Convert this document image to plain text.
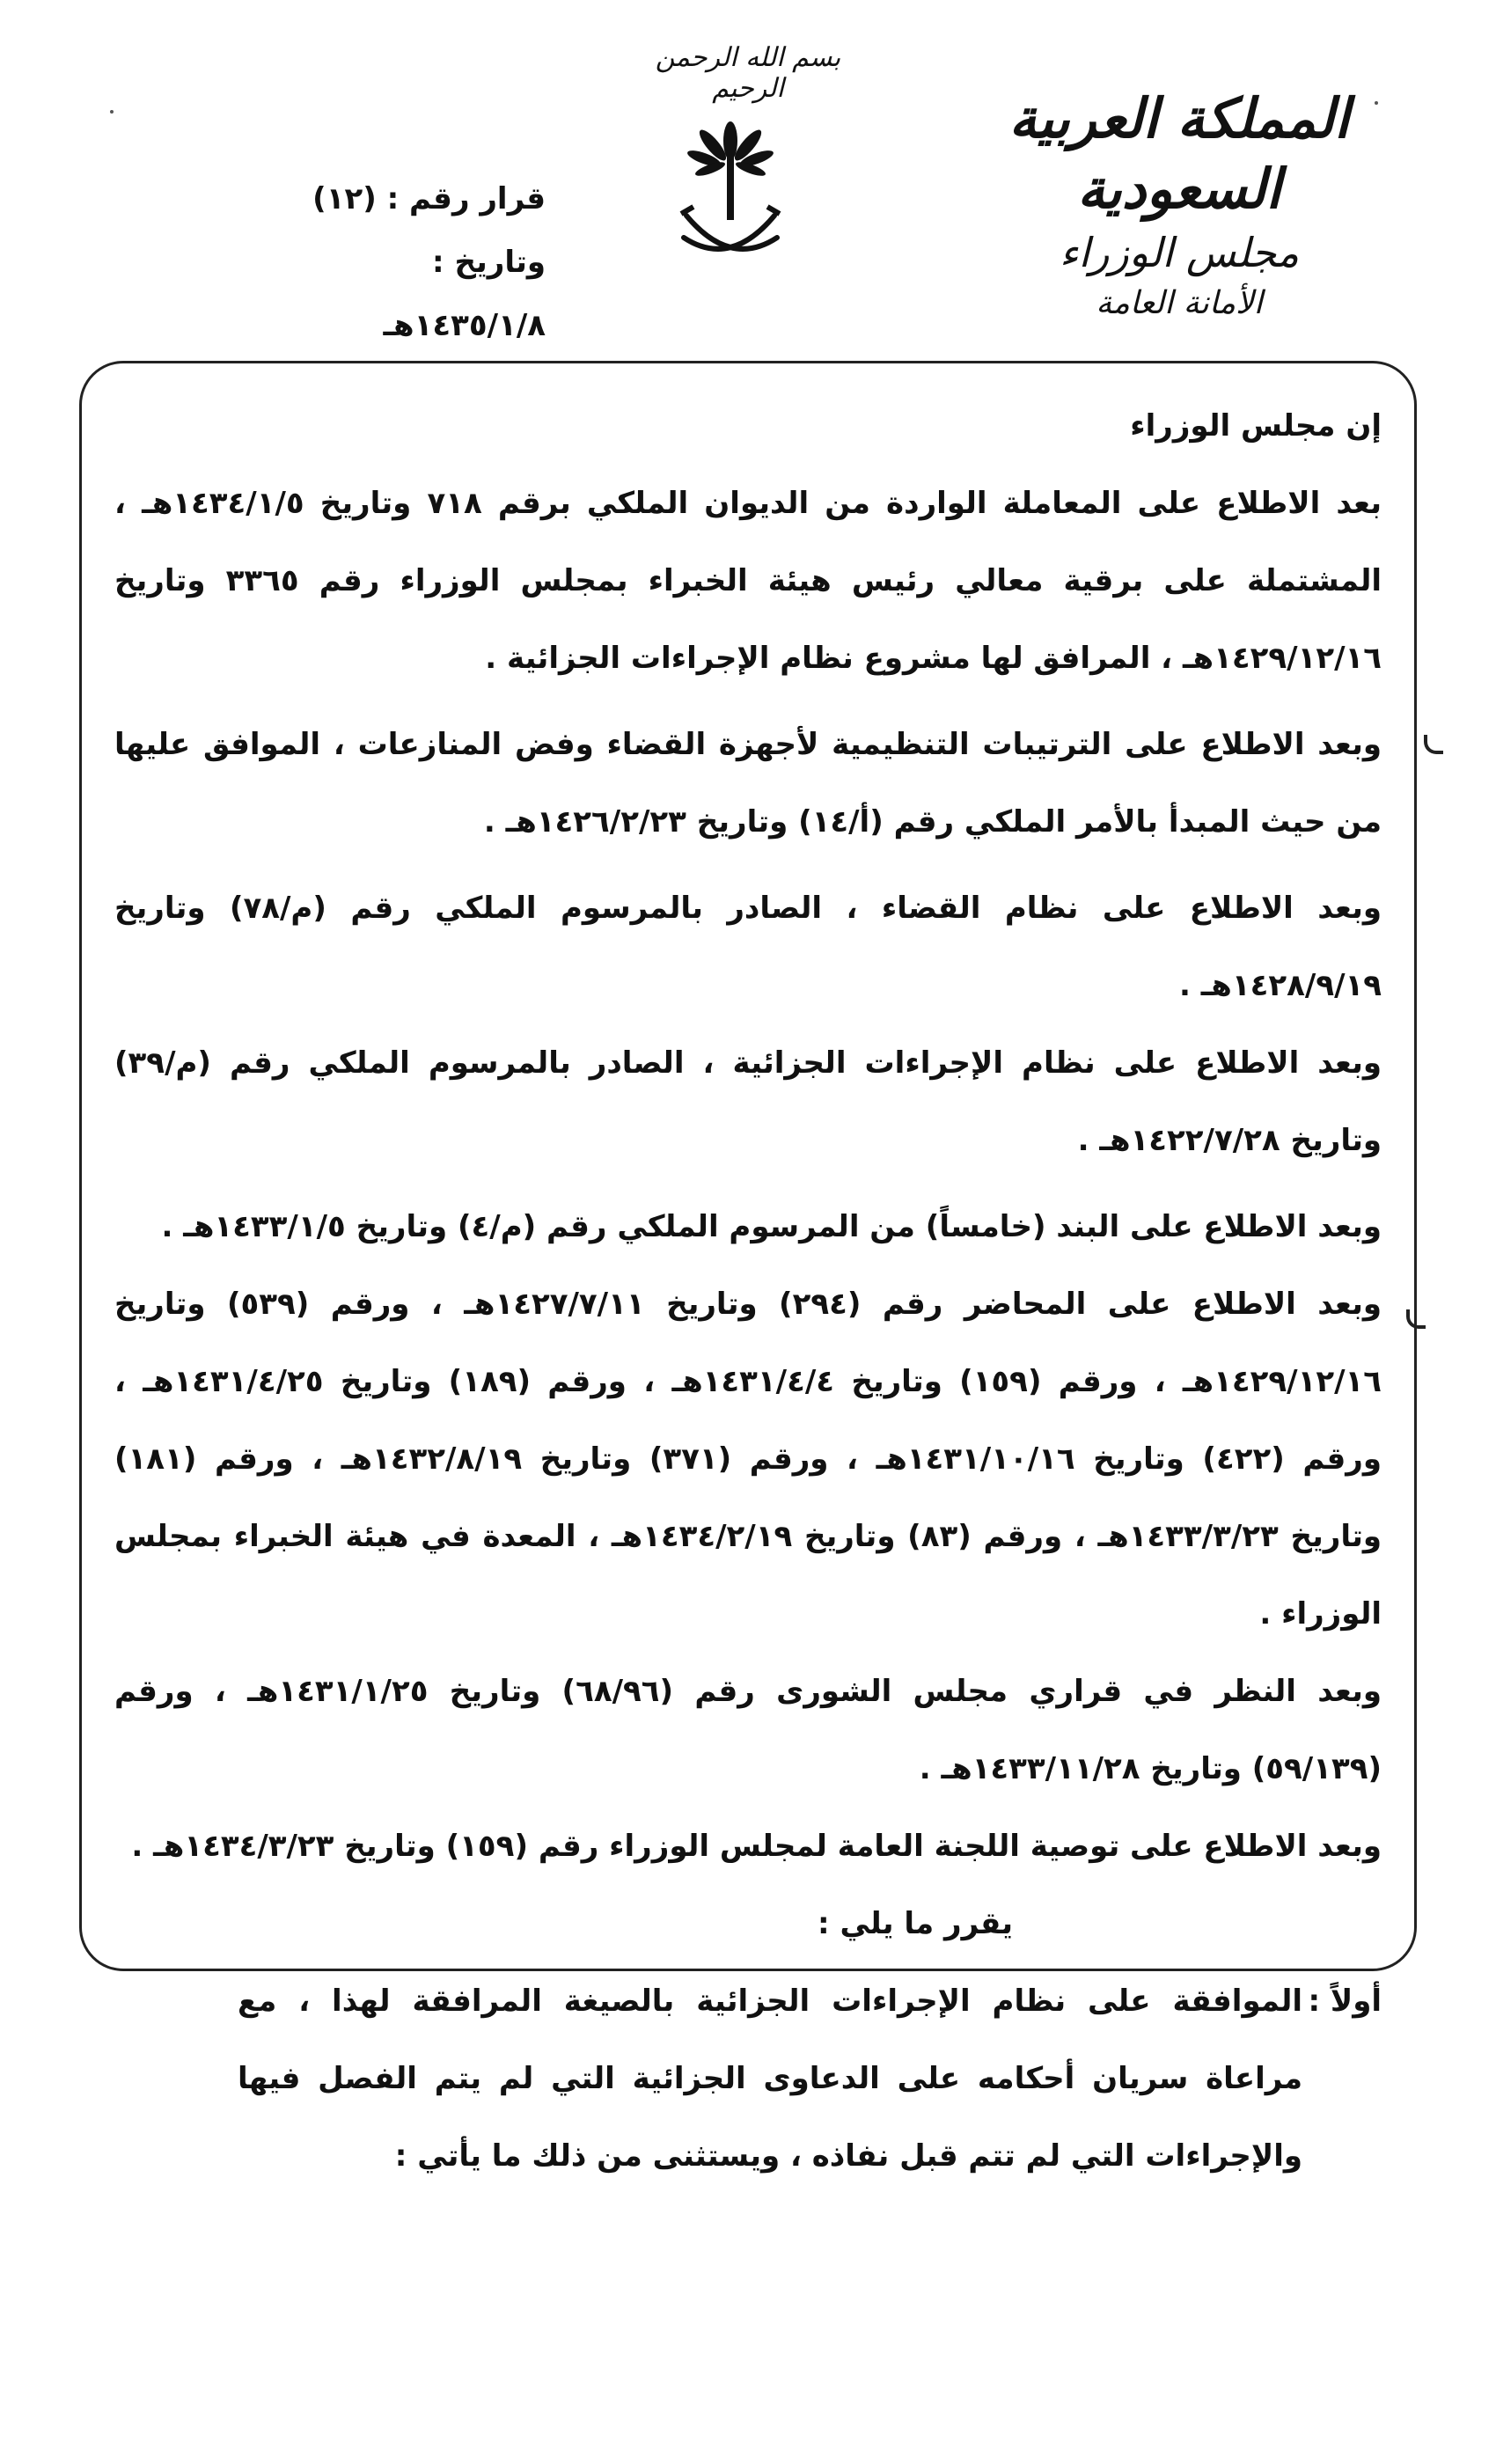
بسم الله الرحمن الرحيم	المملكة العربية السعودية
مجلس الوزراء
الأمانة العامة
قرار رقم : (١٢)
وتاريخ : ١٤٣٥/١/٨هـ

إن مجلس الوزراء

بعد الاطلاع على المعاملة الواردة من الديوان الملكي برقم ٧١٨ وتاريخ ١٤٣٤/١/٥هـ ، المشتملة على برقية معالي رئيس هيئة الخبراء بمجلس الوزراء رقم ٣٣٦٥ وتاريخ ١٤٢٩/١٢/١٦هـ ، المرافق لها مشروع نظام الإجراءات الجزائية .

وبعد الاطلاع على الترتيبات التنظيمية لأجهزة القضاء وفض المنازعات ، الموافق عليها من حيث المبدأ بالأمر الملكي رقم (أ/١٤) وتاريخ ١٤٢٦/٢/٢٣هـ .

وبعد الاطلاع على نظام القضاء ، الصادر بالمرسوم الملكي رقم (م/٧٨) وتاريخ ١٤٢٨/٩/١٩هـ .

وبعد الاطلاع على نظام الإجراءات الجزائية ، الصادر بالمرسوم الملكي رقم (م/٣٩) وتاريخ ١٤٢٢/٧/٢٨هـ .

وبعد الاطلاع على البند (خامساً) من المرسوم الملكي رقم (م/٤) وتاريخ ١٤٣٣/١/٥هـ .

وبعد الاطلاع على المحاضر رقم (٢٩٤) وتاريخ ١٤٢٧/٧/١١هـ ، ورقم (٥٣٩) وتاريخ ١٤٢٩/١٢/١٦هـ ، ورقم (١٥٩) وتاريخ ١٤٣١/٤/٤هـ ، ورقم (١٨٩) وتاريخ ١٤٣١/٤/٢٥هـ ، ورقم (٤٢٢) وتاريخ ١٤٣١/١٠/١٦هـ ، ورقم (٣٧١) وتاريخ ١٤٣٢/٨/١٩هـ ، ورقم (١٨١) وتاريخ ١٤٣٣/٣/٢٣هـ ، ورقم (٨٣) وتاريخ ١٤٣٤/٢/١٩هـ ، المعدة في هيئة الخبراء بمجلس الوزراء .

وبعد النظر في قراري مجلس الشورى رقم (٦٨/٩٦) وتاريخ ١٤٣١/١/٢٥هـ ، ورقم (٥٩/١٣٩) وتاريخ ١٤٣٣/١١/٢٨هـ .

وبعد الاطلاع على توصية اللجنة العامة لمجلس الوزراء رقم (١٥٩) وتاريخ ١٤٣٤/٣/٢٣هـ .

يقرر ما يلي :

أولاً :
الموافقة على نظام الإجراءات الجزائية بالصيغة المرافقة لهذا ، مع مراعاة سريان أحكامه على الدعاوى الجزائية التي لم يتم الفصل فيها والإجراءات التي لم تتم قبل نفاذه ، ويستثنى من ذلك ما يأتي :
